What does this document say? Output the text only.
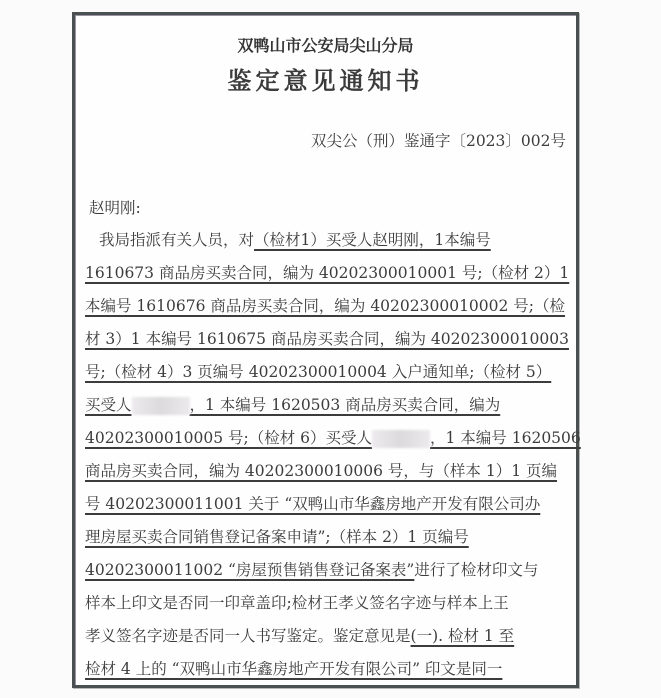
双鸭山市公安局尖山分局
鉴定意见通知书
双尖公（刑）鉴通字〔2023〕002号
赵明刚:
我局指派有关人员，对（检材1）买受人赵明刚，1本编号
1610673 商品房买卖合同，编为 40202300010001 号;（检材 2）1
本编号 1610676 商品房买卖合同，编为 40202300010002 号;（检
材 3）1 本编号 1610675 商品房买卖合同，编为 40202300010003
号;（检材 4）3 页编号 40202300010004 入户通知单;（检材 5）
买受人	，1 本编号 1620503 商品房买卖合同，编为
40202300010005 号;（检材 6）买受人	，1 本编号 1620506
商品房买卖合同，编为 40202300010006 号，与（样本 1）1 页编
号 40202300011001 关于 “双鸭山市华鑫房地产开发有限公司办
理房屋买卖合同销售登记备案申请”;（样本 2）1 页编号
40202300011002 “房屋预售销售登记备案表”进行了检材印文与
样本上印文是否同一印章盖印;检材王孝义签名字迹与样本上王
孝义签名字迹是否同一人书写鉴定。鉴定意见是(一). 检材 1 至
检材 4 上的 “双鸭山市华鑫房地产开发有限公司” 印文是同一
